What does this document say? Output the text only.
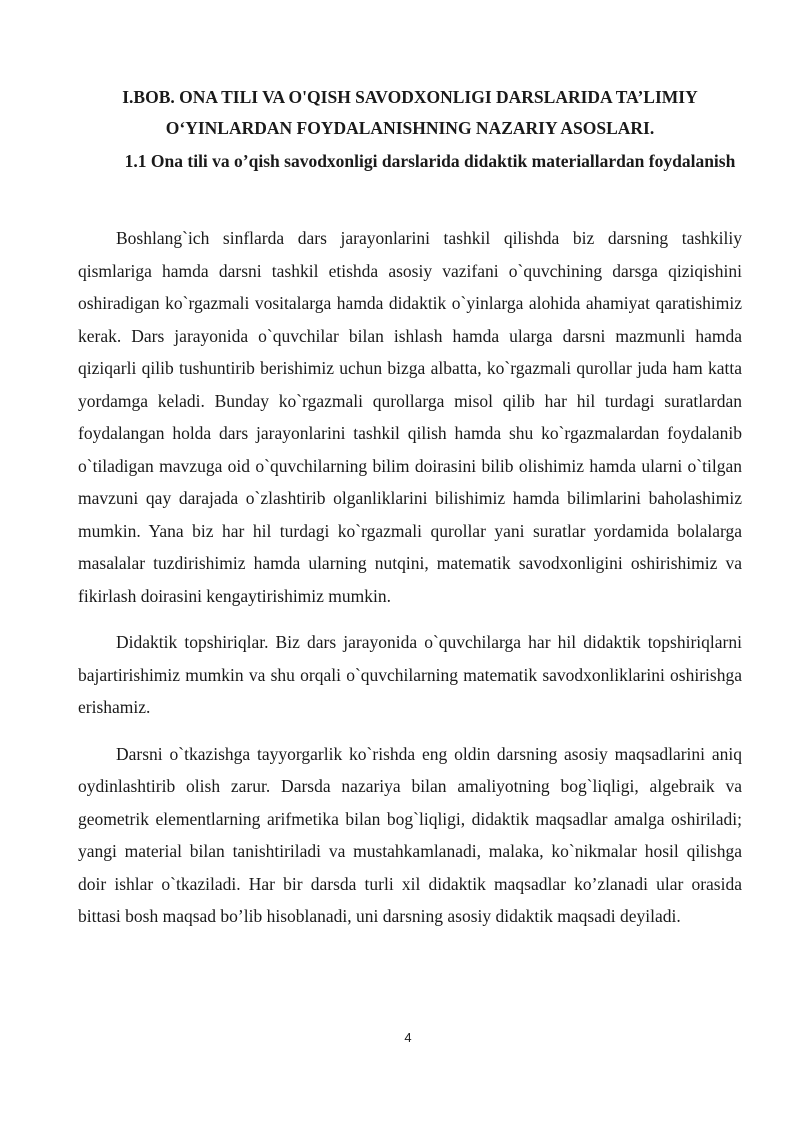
I.BOB. ONA TILI VA O'QISH SAVODXONLIGI DARSLARIDA TA’LIMIY O‘YINLARDAN FOYDALANISHNING NAZARIY ASOSLARI.
1.1 Ona tili va o’qish savodxonligi darslarida didaktik materiallardan foydalanish

Boshlang`ich sinflarda dars jarayonlarini tashkil qilishda biz darsning tashkiliy qismlariga hamda darsni tashkil etishda asosiy vazifani o`quvchining darsga qiziqishini oshiradigan ko`rgazmali vositalarga hamda didaktik o`yinlarga alohida ahamiyat qaratishimiz kerak. Dars jarayonida o`quvchilar bilan ishlash hamda ularga darsni mazmunli hamda qiziqarli qilib tushuntirib berishimiz uchun bizga albatta, ko`rgazmali qurollar juda ham katta yordamga keladi. Bunday ko`rgazmali qurollarga misol qilib har hil turdagi suratlardan foydalangan holda dars jarayonlarini tashkil qilish hamda shu ko`rgazmalardan foydalanib o`tiladigan mavzuga oid o`quvchilarning bilim doirasini bilib olishimiz hamda ularni o`tilgan mavzuni qay darajada o`zlashtirib olganliklarini bilishimiz hamda bilimlarini baholashimiz mumkin. Yana biz har hil turdagi ko`rgazmali qurollar yani suratlar yordamida bolalarga masalalar tuzdirishimiz hamda ularning nutqini, matematik savodxonligini oshirishimiz va fikirlash doirasini kengaytirishimiz mumkin.

Didaktik topshiriqlar. Biz dars jarayonida o`quvchilarga har hil didaktik topshiriqlarni bajartirishimiz mumkin va shu orqali o`quvchilarning matematik savodxonliklarini oshirishga erishamiz.

Darsni o`tkazishga tayyorgarlik ko`rishda eng oldin darsning asosiy maqsadlarini aniq oydinlashtirib olish zarur. Darsda nazariya bilan amaliyotning bog`liqligi, algebraik va geometrik elementlarning arifmetika bilan bog`liqligi, didaktik maqsadlar amalga oshiriladi; yangi material bilan tanishtiriladi va mustahkamlanadi, malaka, ko`nikmalar hosil qilishga doir ishlar o`tkaziladi. Har bir darsda turli xil didaktik maqsadlar ko’zlanadi ular orasida bittasi bosh maqsad bo’lib hisoblanadi, uni darsning asosiy didaktik maqsadi deyiladi.

4
